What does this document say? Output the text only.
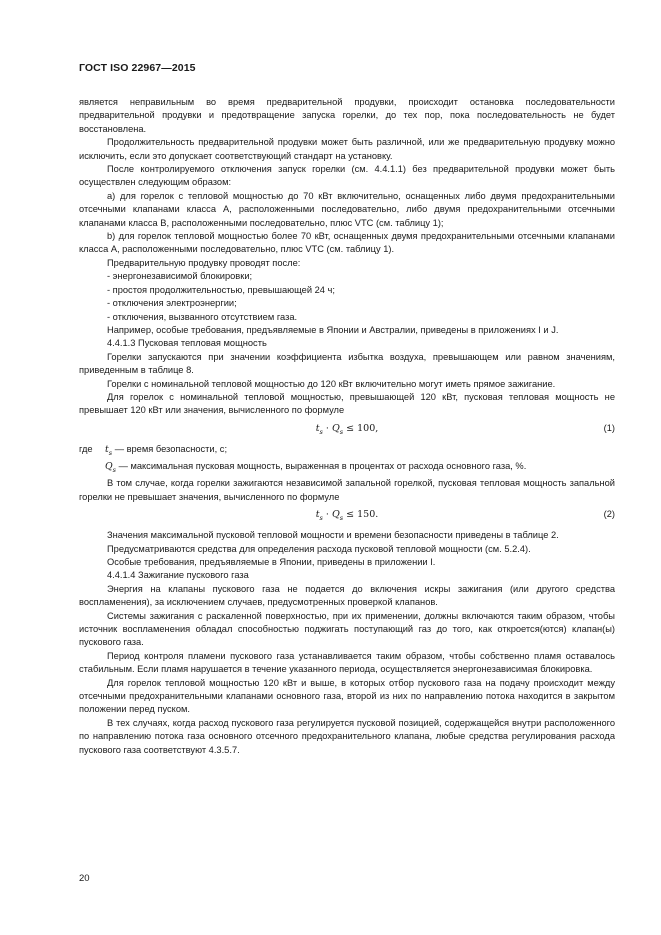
ГОСТ ISO 22967—2015

является неправильным во время предварительной продувки, происходит остановка последовательности предварительной продувки и предотвращение запуска горелки, до тех пор, пока последовательность не будет восстановлена.

Продолжительность предварительной продувки может быть различной, или же предварительную продувку можно исключить, если это допускает соответствующий стандарт на установку.

После контролируемого отключения запуск горелки (см. 4.4.1.1) без предварительной продувки может быть осуществлен следующим образом:

a) для горелок с тепловой мощностью до 70 кВт включительно, оснащенных либо двумя предохранительными отсечными клапанами класса А, расположенными последовательно, либо двумя предохранительными отсечными клапанами класса В, расположенными последовательно, плюс VTC (см. таблицу 1);

b) для горелок тепловой мощностью более 70 кВт, оснащенных двумя предохранительными отсечными клапанами класса А, расположенными последовательно, плюс VTC (см. таблицу 1).

Предварительную продувку проводят после:

- энергонезависимой блокировки;

- простоя продолжительностью, превышающей 24 ч;

- отключения электроэнергии;

- отключения, вызванного отсутствием газа.

Например, особые требования, предъявляемые в Японии и Австралии, приведены в приложениях I и J.

4.4.1.3 Пусковая тепловая мощность

Горелки запускаются при значении коэффициента избытка воздуха, превышающем или равном значениям, приведенным в таблице 8.

Горелки с номинальной тепловой мощностью до 120 кВт включительно могут иметь прямое зажигание.

Для горелок с номинальной тепловой мощностью, превышающей 120 кВт, пусковая тепловая мощность не превышает 120 кВт или значения, вычисленного по формуле

$t_s \cdot Q_s \le 100$,	(1)

где $t_s$ — время безопасности, с;

$Q_s$ — максимальная пусковая мощность, выраженная в процентах от расхода основного газа, %.

В том случае, когда горелки зажигаются независимой запальной горелкой, пусковая тепловая мощность запальной горелки не превышает значения, вычисленного по формуле

$t_s \cdot Q_s \le 150$.	(2)

Значения максимальной пусковой тепловой мощности и времени безопасности приведены в таблице 2.

Предусматриваются средства для определения расхода пусковой тепловой мощности (см. 5.2.4).

Особые требования, предъявляемые в Японии, приведены в приложении I.

4.4.1.4 Зажигание пускового газа

Энергия на клапаны пускового газа не подается до включения искры зажигания (или другого средства воспламенения), за исключением случаев, предусмотренных проверкой клапанов.

Системы зажигания с раскаленной поверхностью, при их применении, должны включаются таким образом, чтобы источник воспламенения обладал способностью поджигать поступающий газ до того, как откроется(ются) клапан(ы) пускового газа.

Период контроля пламени пускового газа устанавливается таким образом, чтобы собственно пламя оставалось стабильным. Если пламя нарушается в течение указанного периода, осуществляется энергонезависимая блокировка.

Для горелок тепловой мощностью 120 кВт и выше, в которых отбор пускового газа на подачу происходит между отсечными предохранительными клапанами основного газа, второй из них по направлению потока находится в закрытом положении перед пуском.

В тех случаях, когда расход пускового газа регулируется пусковой позицией, содержащейся внутри расположенного по направлению потока газа основного отсечного предохранительного клапана, любые средства регулирования расхода пускового газа соответствуют 4.3.5.7.

20
